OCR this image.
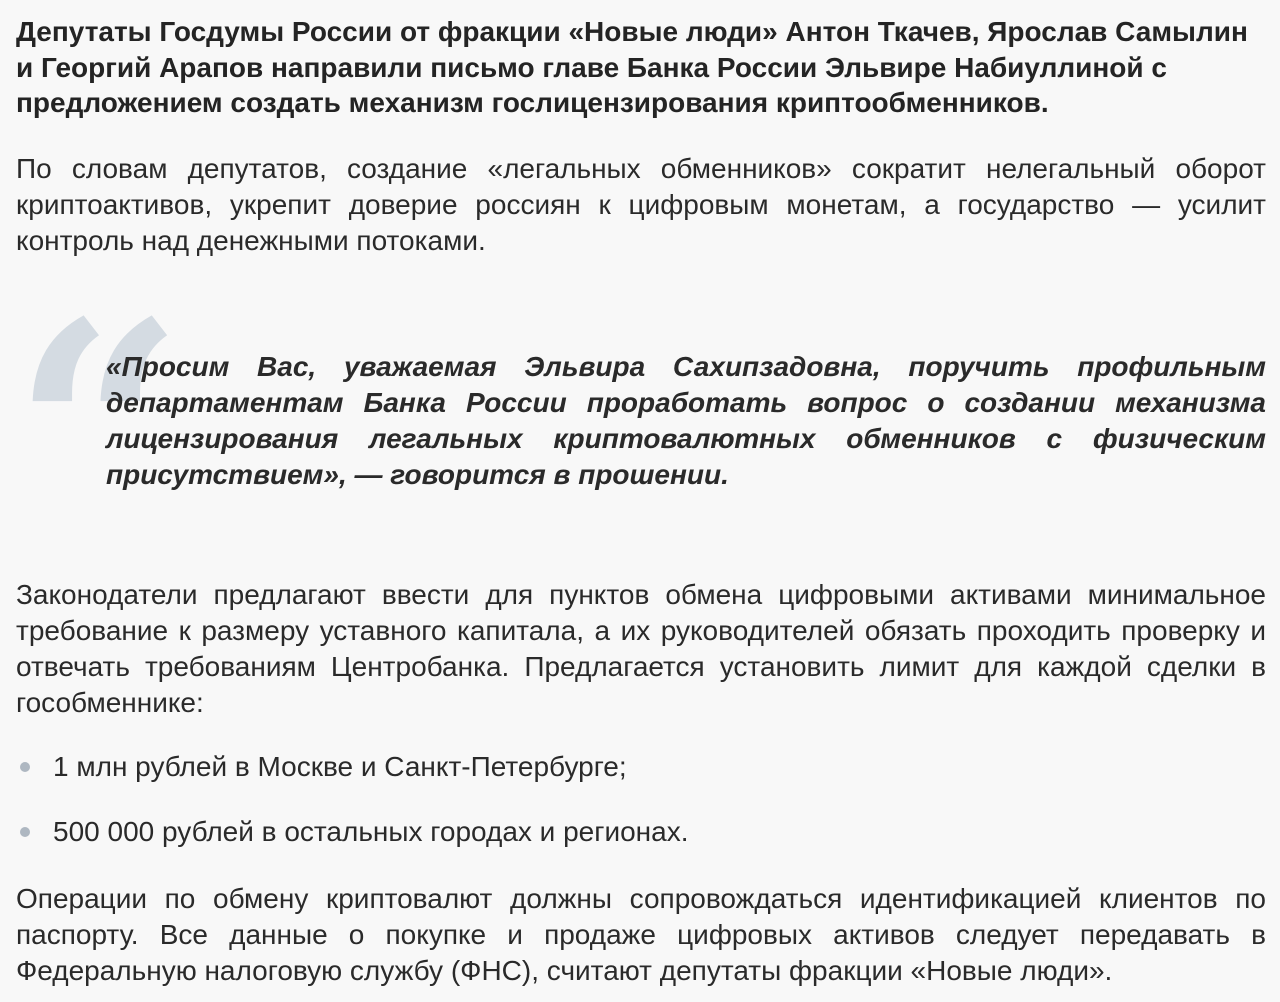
Депутаты Госдумы России от фракции «Новые люди» Антон Ткачев, Ярослав Самылин и Георгий Арапов направили письмо главе Банка России Эльвире Набиуллиной с предложением создать механизм гослицензирования криптообменников.

По словам депутатов, создание «легальных обменников» сократит нелегальный оборот криптоактивов, укрепит доверие россиян к цифровым монетам, а государство — усилит контроль над денежными потоками.

“

«Просим Вас, уважаемая Эльвира Сахипзадовна, поручить профильным департаментам Банка России проработать вопрос о создании механизма лицензирования легальных криптовалютных обменников с физическим присутствием», — говорится в прошении.

Законодатели предлагают ввести для пунктов обмена цифровыми активами минимальное требование к размеру уставного капитала, а их руководителей обязать проходить проверку и отвечать требованиям Центробанка. Предлагается установить лимит для каждой сделки в гособменнике:

1 млн рублей в Москве и Санкт-Петербурге;
500 000 рублей в остальных городах и регионах.

Операции по обмену криптовалют должны сопровождаться идентификацией клиентов по паспорту. Все данные о покупке и продаже цифровых активов следует передавать в Федеральную налоговую службу (ФНС), считают депутаты фракции «Новые люди».
